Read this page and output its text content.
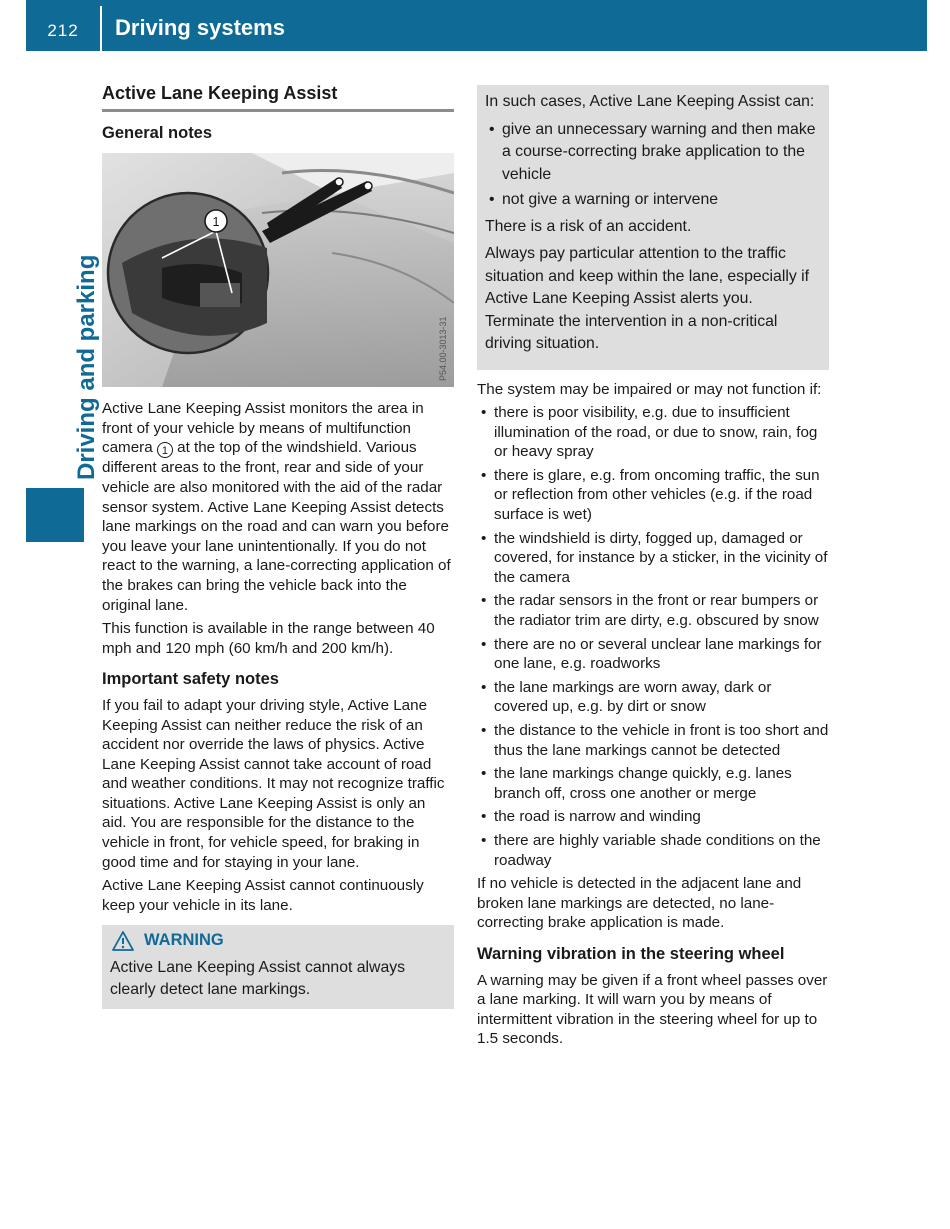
212	Driving systems
Driving and parking
Active Lane Keeping Assist
General notes
1
P54.00-3013-31

Active Lane Keeping Assist monitors the area in front of your vehicle by means of multifunction camera 1 at the top of the windshield. Various different areas to the front, rear and side of your vehicle are also monitored with the aid of the radar sensor system. Active Lane Keeping Assist detects lane markings on the road and can warn you before you leave your lane unintentionally. If you do not react to the warning, a lane-correcting application of the brakes can bring the vehicle back into the original lane.

This function is available in the range between 40 mph and 120 mph (60 km/h and 200 km/h).

Important safety notes

If you fail to adapt your driving style, Active Lane Keeping Assist can neither reduce the risk of an accident nor override the laws of physics. Active Lane Keeping Assist cannot take account of road and weather conditions. It may not recognize traffic situations. Active Lane Keeping Assist is only an aid. You are responsible for the distance to the vehicle in front, for vehicle speed, for braking in good time and for staying in your lane.

Active Lane Keeping Assist cannot continuously keep your vehicle in its lane.

WARNING
Active Lane Keeping Assist cannot always clearly detect lane markings.

In such cases, Active Lane Keeping Assist can:

• give an unnecessary warning and then make a course-correcting brake application to the vehicle
• not give a warning or intervene

There is a risk of an accident.

Always pay particular attention to the traffic situation and keep within the lane, especially if Active Lane Keeping Assist alerts you. Terminate the intervention in a non-critical driving situation.

The system may be impaired or may not function if:

• there is poor visibility, e.g. due to insufficient illumination of the road, or due to snow, rain, fog or heavy spray
• there is glare, e.g. from oncoming traffic, the sun or reflection from other vehicles (e.g. if the road surface is wet)
• the windshield is dirty, fogged up, damaged or covered, for instance by a sticker, in the vicinity of the camera
• the radar sensors in the front or rear bumpers or the radiator trim are dirty, e.g. obscured by snow
• there are no or several unclear lane markings for one lane, e.g. roadworks
• the lane markings are worn away, dark or covered up, e.g. by dirt or snow
• the distance to the vehicle in front is too short and thus the lane markings cannot be detected
• the lane markings change quickly, e.g. lanes branch off, cross one another or merge
• the road is narrow and winding
• there are highly variable shade conditions on the roadway

If no vehicle is detected in the adjacent lane and broken lane markings are detected, no lane-correcting brake application is made.

Warning vibration in the steering wheel

A warning may be given if a front wheel passes over a lane marking. It will warn you by means of intermittent vibration in the steering wheel for up to 1.5 seconds.
